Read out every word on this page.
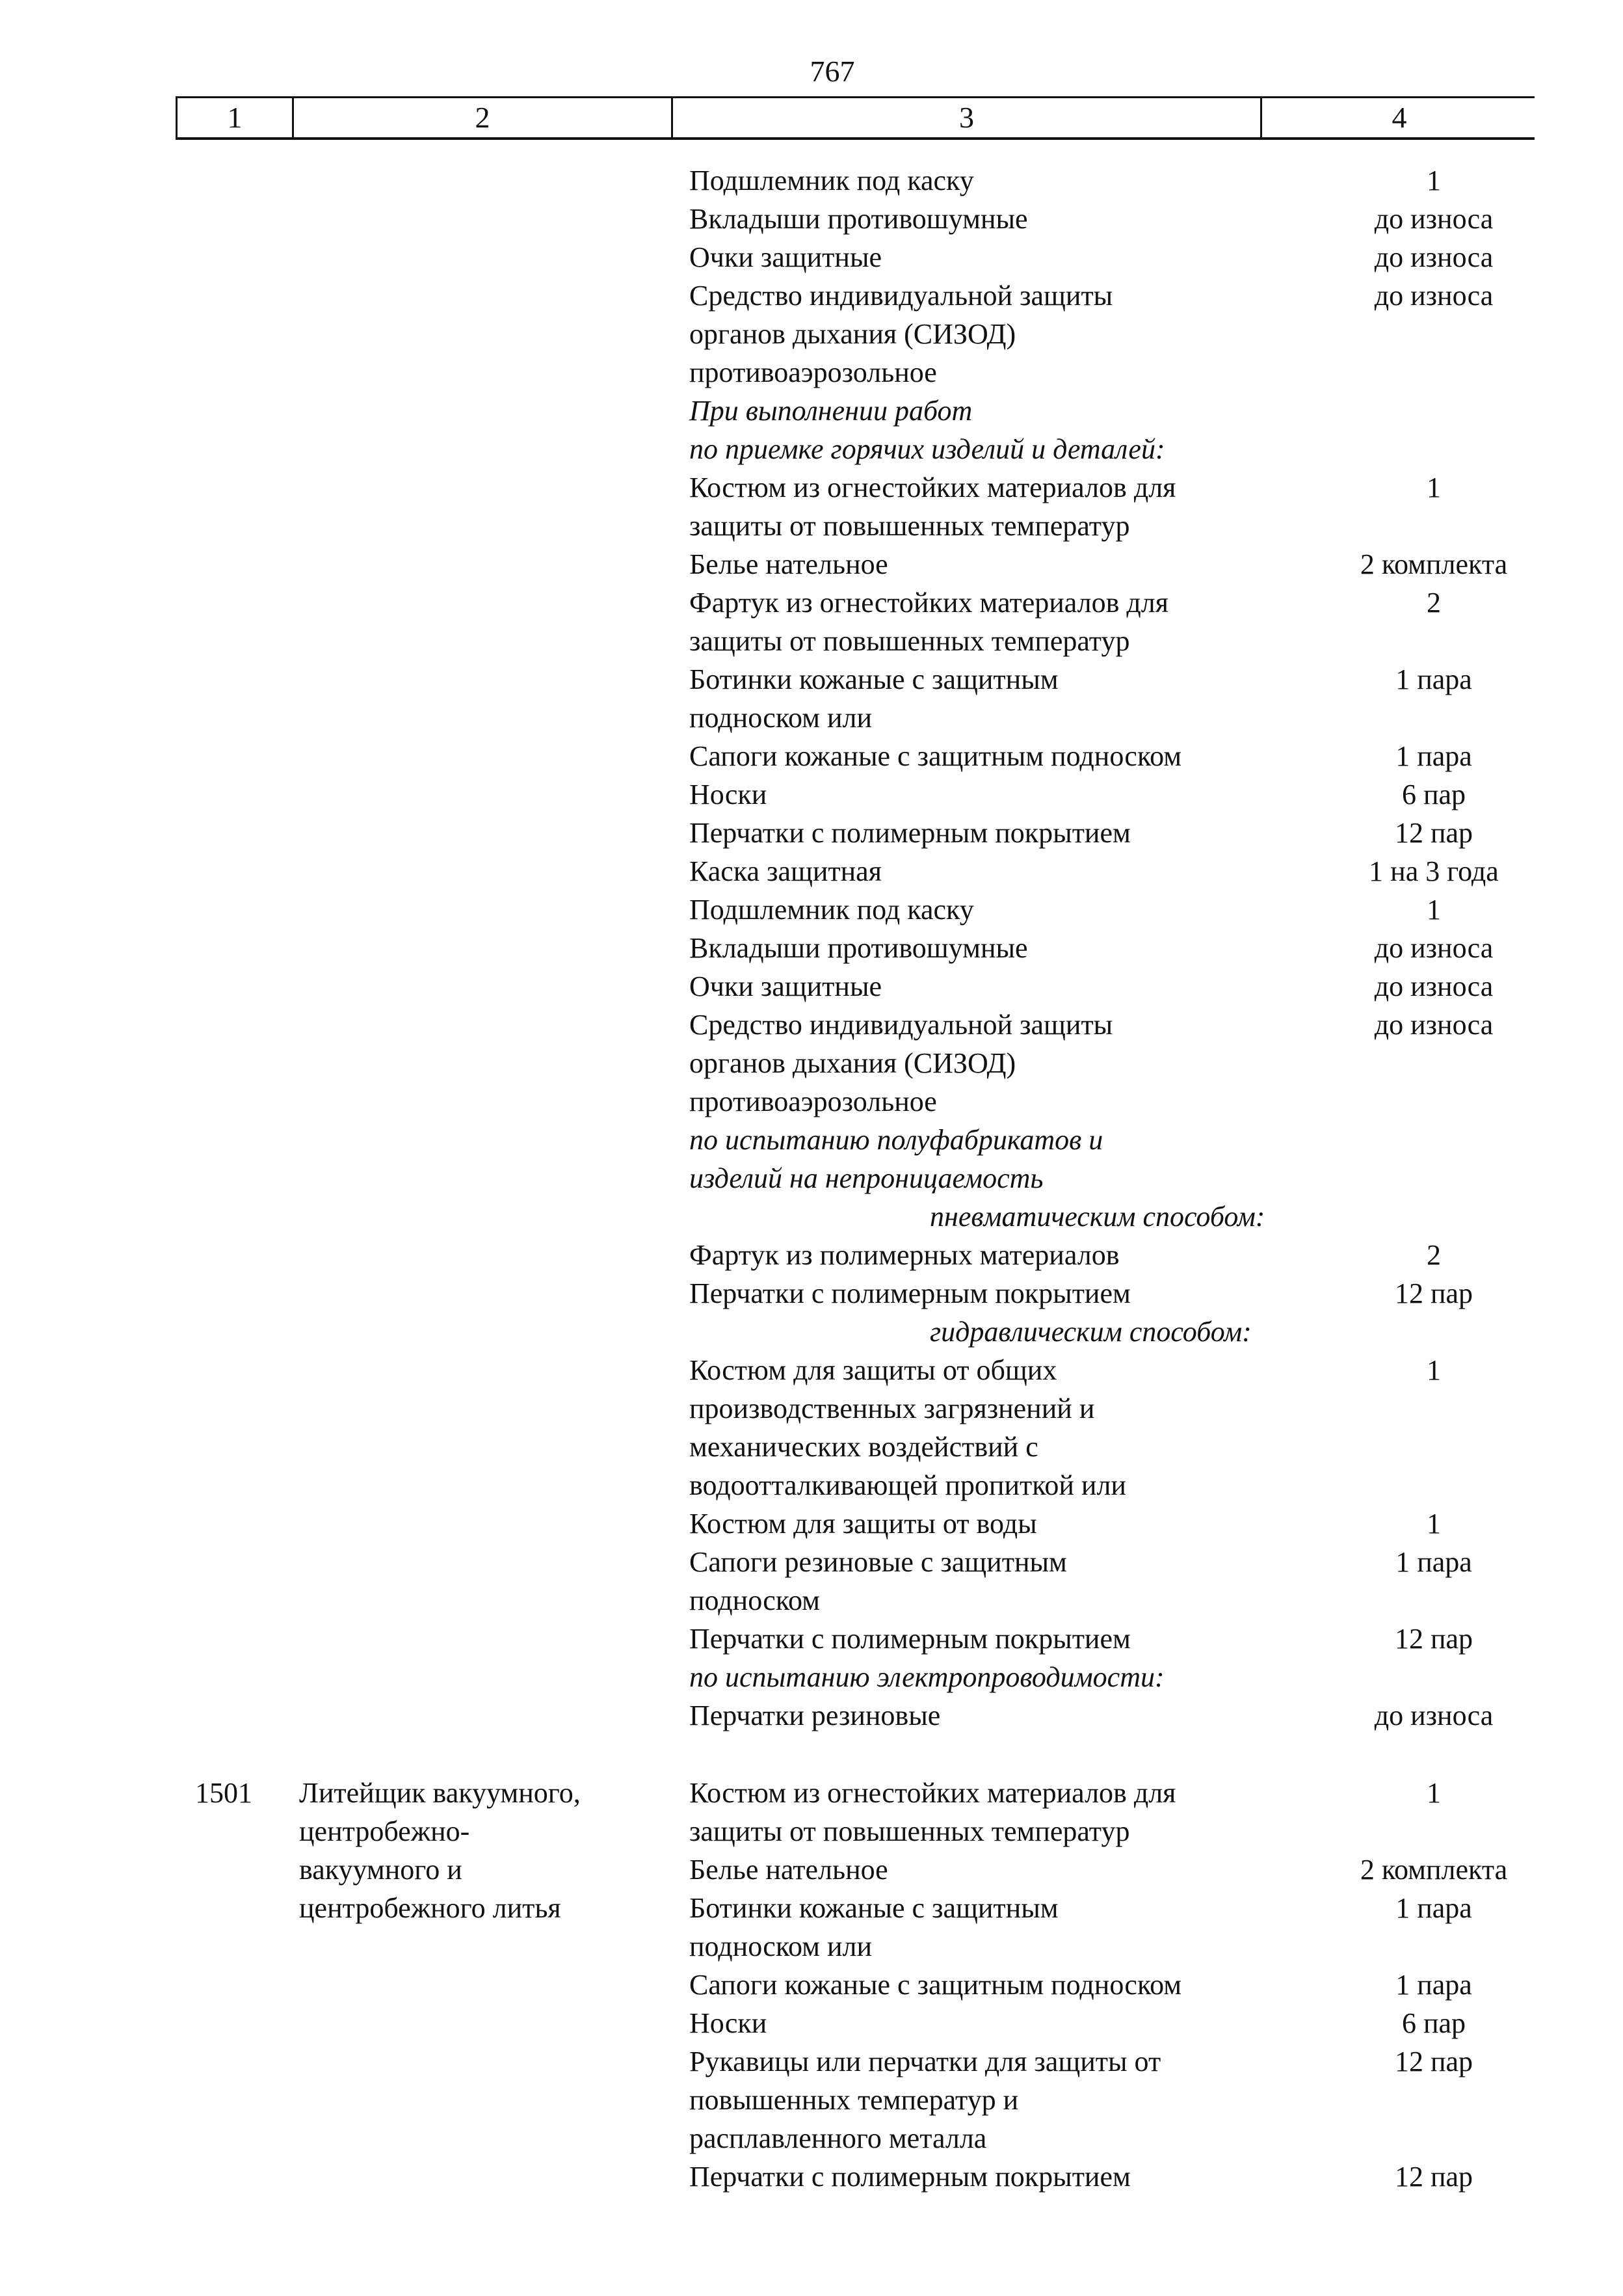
767
1	2	3	4
Подшлемник под каску	1
Вкладыши противошумные	до износа
Очки защитные	до износа
Средство индивидуальной защиты	до износа
органов дыхания (СИЗОД)
противоаэрозольное
При выполнении работ
по приемке горячих изделий и деталей:
Костюм из огнестойких материалов для	1
защиты от повышенных температур
Белье нательное	2 комплекта
Фартук из огнестойких материалов для	2
защиты от повышенных температур
Ботинки кожаные с защитным	1 пара
подноском или
Сапоги кожаные с защитным подноском	1 пара
Носки	6 пар
Перчатки с полимерным покрытием	12 пар
Каска защитная	1 на 3 года
Подшлемник под каску	1
Вкладыши противошумные	до износа
Очки защитные	до износа
Средство индивидуальной защиты	до износа
органов дыхания (СИЗОД)
противоаэрозольное
по испытанию полуфабрикатов и
изделий на непроницаемость
пневматическим способом:
Фартук из полимерных материалов	2
Перчатки с полимерным покрытием	12 пар
гидравлическим способом:
Костюм для защиты от общих	1
производственных загрязнений и
механических воздействий с
водоотталкивающей пропиткой или
Костюм для защиты от воды	1
Сапоги резиновые с защитным	1 пара
подноском
Перчатки с полимерным покрытием	12 пар
по испытанию электропроводимости:
Перчатки резиновые	до износа
1501	Литейщик вакуумного,	Костюм из огнестойких материалов для	1
центробежно-	защиты от повышенных температур
вакуумного и	Белье нательное	2 комплекта
центробежного литья	Ботинки кожаные с защитным	1 пара
подноском или
Сапоги кожаные с защитным подноском	1 пара
Носки	6 пар
Рукавицы или перчатки для защиты от	12 пар
повышенных температур и
расплавленного металла
Перчатки с полимерным покрытием	12 пар
